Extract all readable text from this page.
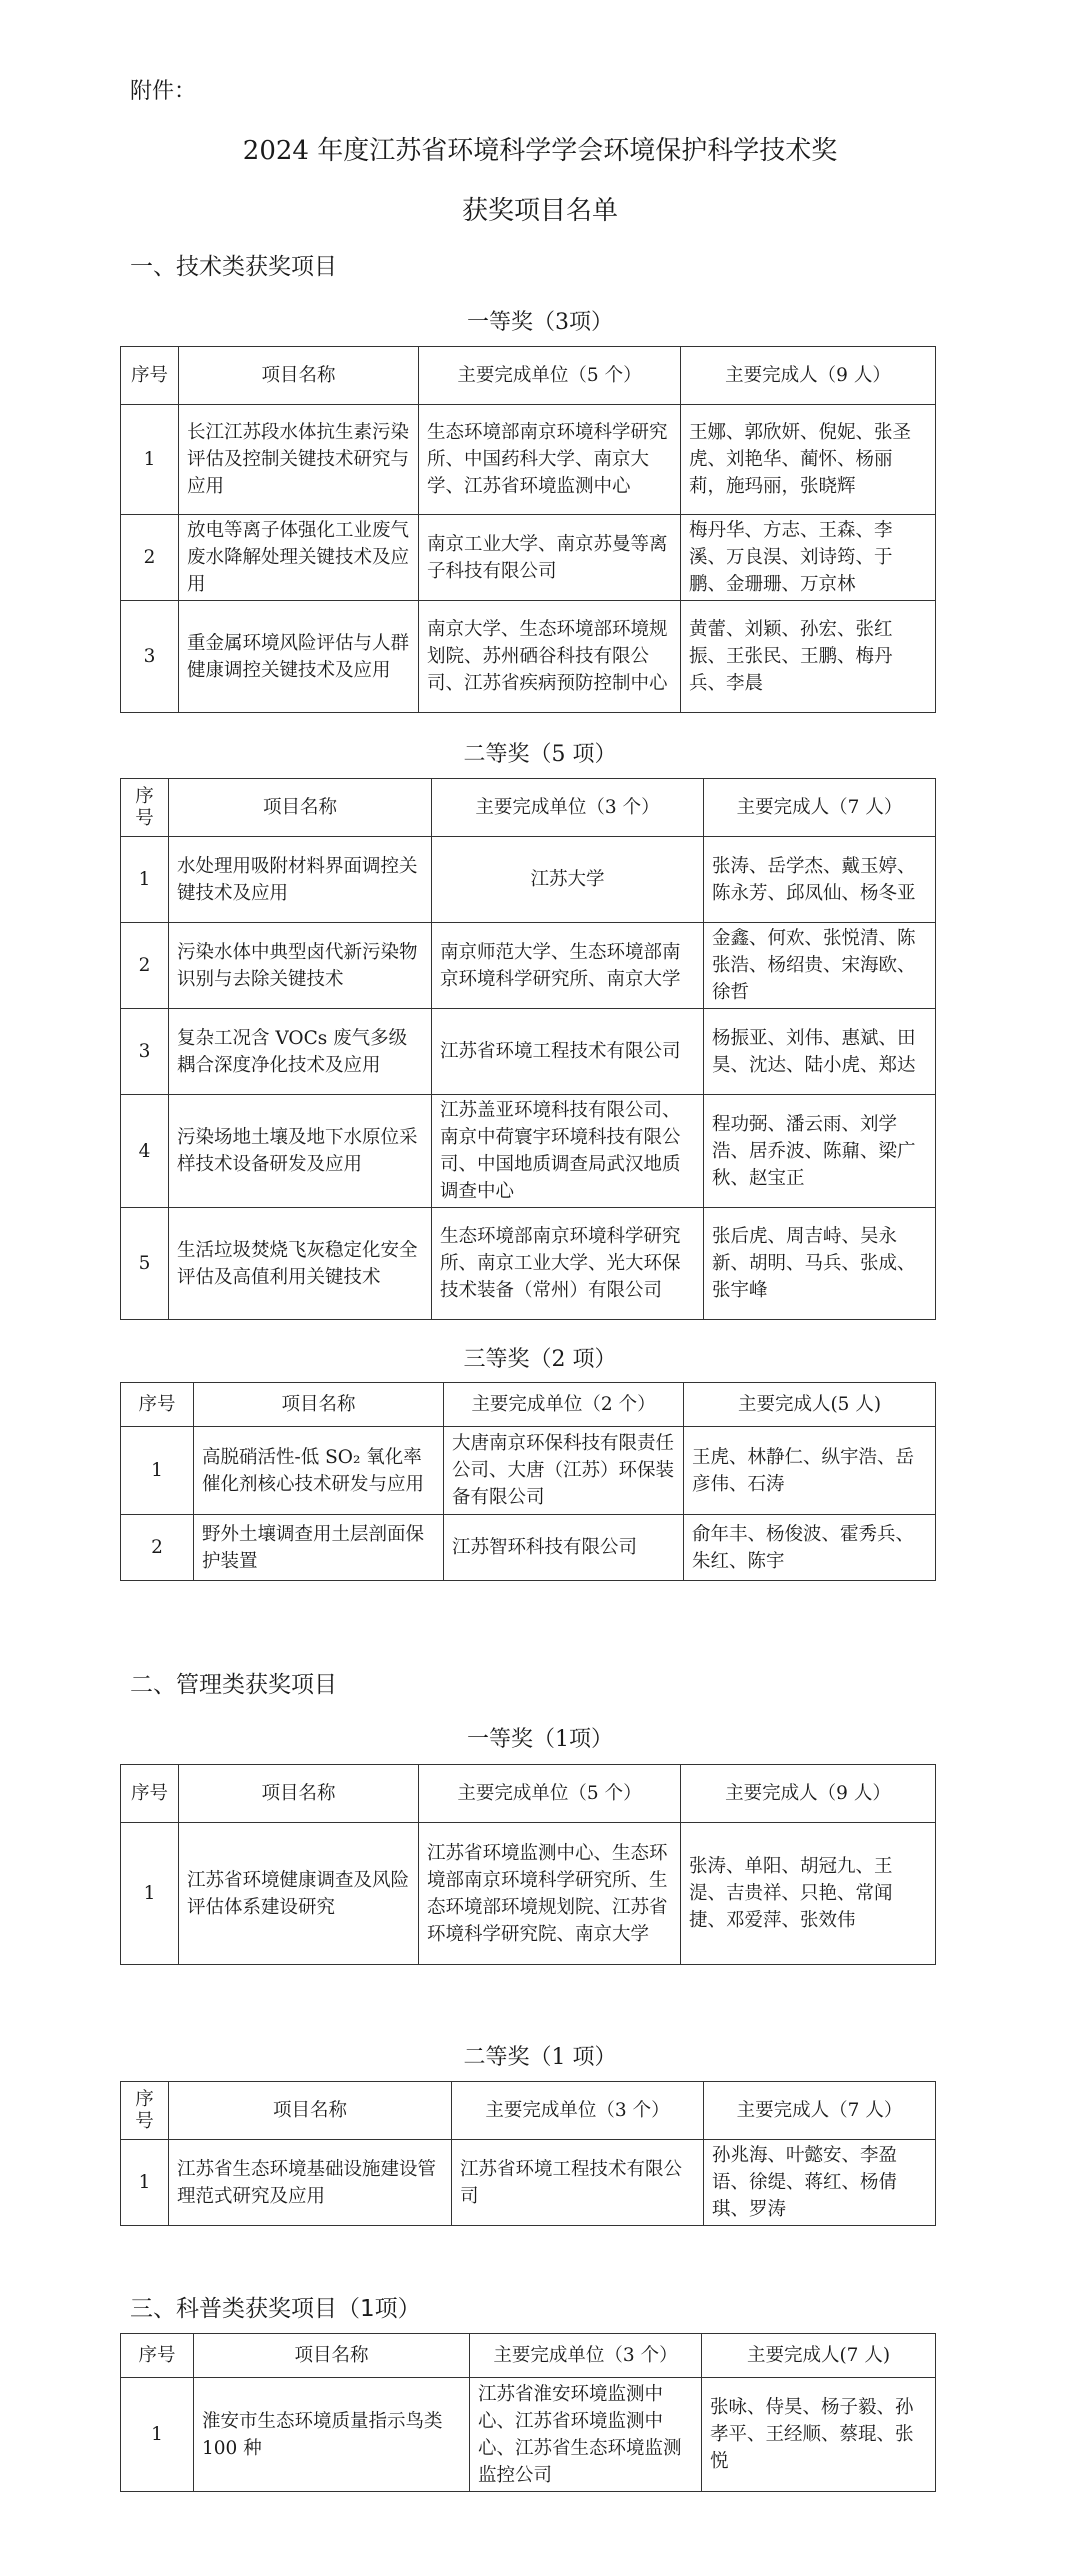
附件：
2024 年度江苏省环境科学学会环境保护科学技术奖
获奖项目名单
一、技术类获奖项目
一等奖（3项）
序号	项目名称	主要完成单位（5 个）	主要完成人（9 人）
1	长江江苏段水体抗生素污染评估及控制关键技术研究与应用	生态环境部南京环境科学研究所、中国药科大学、南京大学、江苏省环境监测中心	王娜、郭欣妍、倪妮、张圣虎、刘艳华、蔺怀、杨丽莉，施玛丽，张晓辉
2	放电等离子体强化工业废气废水降解处理关键技术及应用	南京工业大学、南京苏曼等离子科技有限公司	梅丹华、方志、王森、李溪、万良淏、刘诗筠、于鹏、金珊珊、万京林
3	重金属环境风险评估与人群健康调控关键技术及应用	南京大学、生态环境部环境规划院、苏州硒谷科技有限公司、江苏省疾病预防控制中心	黄蕾、刘颖、孙宏、张红振、王张民、王鹏、梅丹兵、李晨
二等奖（5 项）
序号	项目名称	主要完成单位（3 个）	主要完成人（7 人）
1	水处理用吸附材料界面调控关键技术及应用	江苏大学	张涛、岳学杰、戴玉婷、陈永芳、邱凤仙、杨冬亚
2	污染水体中典型卤代新污染物识别与去除关键技术	南京师范大学、生态环境部南京环境科学研究所、南京大学	金鑫、何欢、张悦清、陈张浩、杨绍贵、宋海欧、徐哲
3	复杂工况含 VOCs 废气多级耦合深度净化技术及应用	江苏省环境工程技术有限公司	杨振亚、刘伟、惠斌、田昊、沈达、陆小虎、郑达
4	污染场地土壤及地下水原位采样技术设备研发及应用	江苏盖亚环境科技有限公司、南京中荷寰宇环境科技有限公司、中国地质调查局武汉地质调查中心	程功弼、潘云雨、刘学浩、居乔波、陈鼐、梁广秋、赵宝正
5	生活垃圾焚烧飞灰稳定化安全评估及高值利用关键技术	生态环境部南京环境科学研究所、南京工业大学、光大环保技术装备（常州）有限公司	张后虎、周吉峙、吴永新、胡明、马兵、张成、张宇峰
三等奖（2 项）
序号	项目名称	主要完成单位（2 个）	主要完成人(5 人)
1	高脱硝活性-低 SO₂ 氧化率催化剂核心技术研发与应用	大唐南京环保科技有限责任公司、大唐（江苏）环保装备有限公司	王虎、林静仁、纵宇浩、岳彦伟、石涛
2	野外土壤调查用土层剖面保护装置	江苏智环科技有限公司	俞年丰、杨俊波、霍秀兵、朱红、陈宇
二、管理类获奖项目
一等奖（1项）
序号	项目名称	主要完成单位（5 个）	主要完成人（9 人）
1	江苏省环境健康调查及风险评估体系建设研究	江苏省环境监测中心、生态环境部南京环境科学研究所、生态环境部环境规划院、江苏省环境科学研究院、南京大学	张涛、单阳、胡冠九、王湜、吉贵祥、只艳、常闻捷、邓爱萍、张效伟
二等奖（1 项）
序号	项目名称	主要完成单位（3 个）	主要完成人（7 人）
1	江苏省生态环境基础设施建设管理范式研究及应用	江苏省环境工程技术有限公司	孙兆海、叶懿安、李盈语、徐缇、蒋红、杨倩琪、罗涛
三、科普类获奖项目（1项）
序号	项目名称	主要完成单位（3 个）	主要完成人(7 人)
1	淮安市生态环境质量指示鸟类 100 种	江苏省淮安环境监测中心、江苏省环境监测中心、江苏省生态环境监测监控公司	张咏、侍昊、杨子毅、孙孝平、王经顺、蔡琨、张悦
